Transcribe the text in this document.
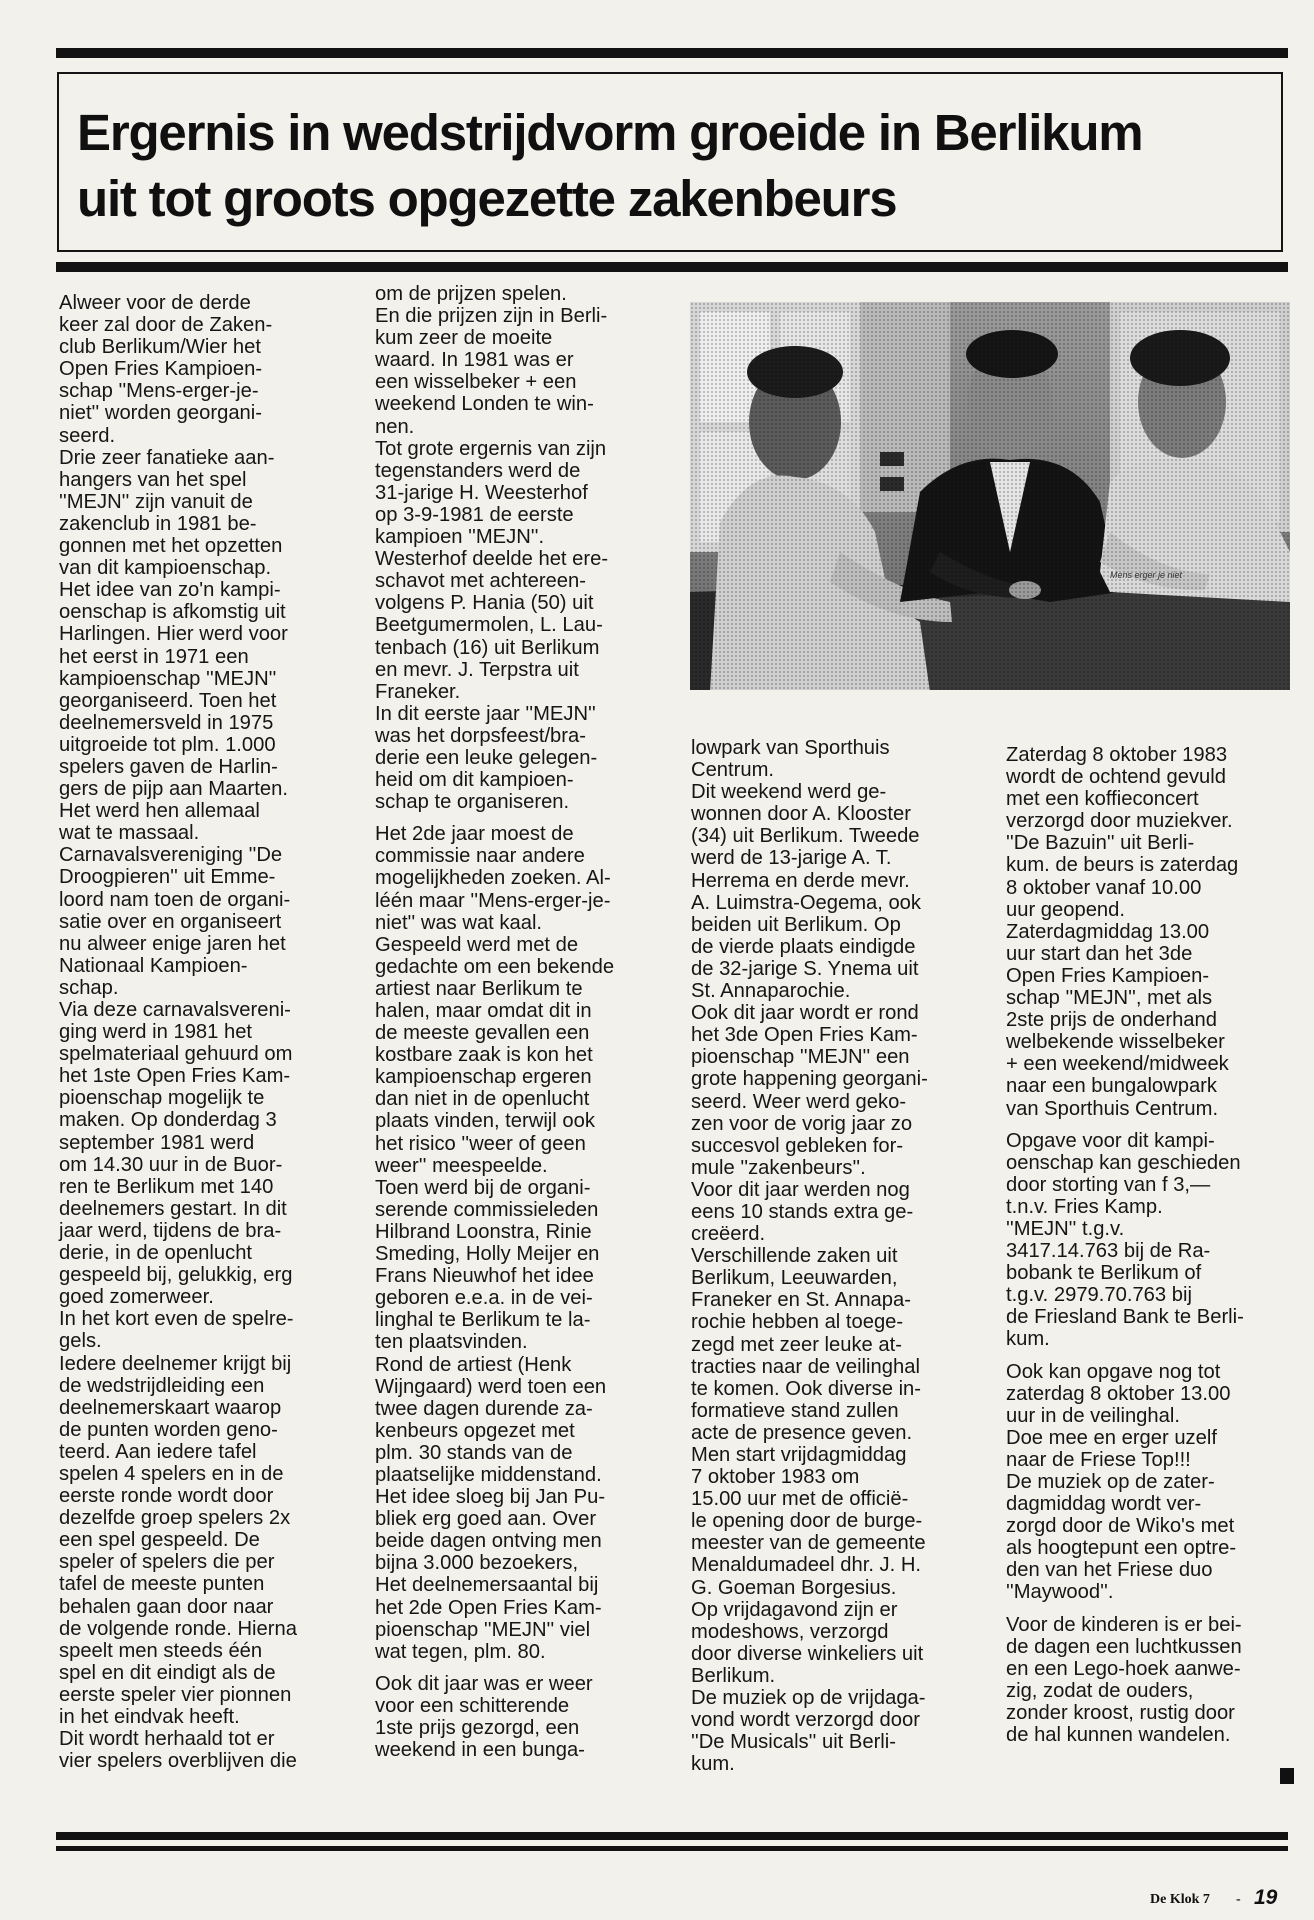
Ergernis in wedstrijdvorm groeide in Berlikum
uit tot groots opgezette zakenbeurs

Alweer voor de derde

keer zal door de Zaken-

club Berlikum/Wier het

Open Fries Kampioen-

schap ''Mens-erger-je-

niet'' worden georgani-

seerd.

Drie zeer fanatieke aan-

hangers van het spel

''MEJN'' zijn vanuit de

zakenclub in 1981 be-

gonnen met het opzetten

van dit kampioenschap.

Het idee van zo'n kampi-

oenschap is afkomstig uit

Harlingen. Hier werd voor

het eerst in 1971 een

kampioenschap ''MEJN''

georganiseerd. Toen het

deelnemersveld in 1975

uitgroeide tot plm. 1.000

spelers gaven de Harlin-

gers de pijp aan Maarten.

Het werd hen allemaal

wat te massaal.

Carnavalsvereniging ''De

Droogpieren'' uit Emme-

loord nam toen de organi-

satie over en organiseert

nu alweer enige jaren het

Nationaal Kampioen-

schap.

Via deze carnavalsvereni-

ging werd in 1981 het

spelmateriaal gehuurd om

het 1ste Open Fries Kam-

pioenschap mogelijk te

maken. Op donderdag 3

september 1981 werd

om 14.30 uur in de Buor-

ren te Berlikum met 140

deelnemers gestart. In dit

jaar werd, tijdens de bra-

derie, in de openlucht

gespeeld bij, gelukkig, erg

goed zomerweer.

In het kort even de spelre-

gels.

Iedere deelnemer krijgt bij

de wedstrijdleiding een

deelnemerskaart waarop

de punten worden geno-

teerd. Aan iedere tafel

spelen 4 spelers en in de

eerste ronde wordt door

dezelfde groep spelers 2x

een spel gespeeld. De

speler of spelers die per

tafel de meeste punten

behalen gaan door naar

de volgende ronde. Hierna

speelt men steeds één

spel en dit eindigt als de

eerste speler vier pionnen

in het eindvak heeft.

Dit wordt herhaald tot er

vier spelers overblijven die

om de prijzen spelen.

En die prijzen zijn in Berli-

kum zeer de moeite

waard. In 1981 was er

een wisselbeker + een

weekend Londen te win-

nen.

Tot grote ergernis van zijn

tegenstanders werd de

31-jarige H. Weesterhof

op 3-9-1981 de eerste

kampioen ''MEJN''.

Westerhof deelde het ere-

schavot met achtereen-

volgens P. Hania (50) uit

Beetgumermolen, L. Lau-

tenbach (16) uit Berlikum

en mevr. J. Terpstra uit

Franeker.

In dit eerste jaar ''MEJN''

was het dorpsfeest/bra-

derie een leuke gelegen-

heid om dit kampioen-

schap te organiseren.

Het 2de jaar moest de

commissie naar andere

mogelijkheden zoeken. Al-

léén maar ''Mens-erger-je-

niet'' was wat kaal.

Gespeeld werd met de

gedachte om een bekende

artiest naar Berlikum te

halen, maar omdat dit in

de meeste gevallen een

kostbare zaak is kon het

kampioenschap ergeren

dan niet in de openlucht

plaats vinden, terwijl ook

het risico ''weer of geen

weer'' meespeelde.

Toen werd bij de organi-

serende commissieleden

Hilbrand Loonstra, Rinie

Smeding, Holly Meijer en

Frans Nieuwhof het idee

geboren e.e.a. in de vei-

linghal te Berlikum te la-

ten plaatsvinden.

Rond de artiest (Henk

Wijngaard) werd toen een

twee dagen durende za-

kenbeurs opgezet met

plm. 30 stands van de

plaatselijke middenstand.

Het idee sloeg bij Jan Pu-

bliek erg goed aan. Over

beide dagen ontving men

bijna 3.000 bezoekers,

Het deelnemersaantal bij

het 2de Open Fries Kam-

pioenschap ''MEJN'' viel

wat tegen, plm. 80.

Ook dit jaar was er weer

voor een schitterende

1ste prijs gezorgd, een

weekend in een bunga-

lowpark van Sporthuis

Centrum.

Dit weekend werd ge-

wonnen door A. Klooster

(34) uit Berlikum. Tweede

werd de 13-jarige A. T.

Herrema en derde mevr.

A. Luimstra-Oegema, ook

beiden uit Berlikum. Op

de vierde plaats eindigde

de 32-jarige S. Ynema uit

St. Annaparochie.

Ook dit jaar wordt er rond

het 3de Open Fries Kam-

pioenschap ''MEJN'' een

grote happening georgani-

seerd. Weer werd geko-

zen voor de vorig jaar zo

succesvol gebleken for-

mule ''zakenbeurs''.

Voor dit jaar werden nog

eens 10 stands extra ge-

creëerd.

Verschillende zaken uit

Berlikum, Leeuwarden,

Franeker en St. Annapa-

rochie hebben al toege-

zegd met zeer leuke at-

tracties naar de veilinghal

te komen. Ook diverse in-

formatieve stand zullen

acte de presence geven.

Men start vrijdagmiddag

7 oktober 1983 om

15.00 uur met de officië-

le opening door de burge-

meester van de gemeente

Menaldumadeel dhr. J. H.

G. Goeman Borgesius.

Op vrijdagavond zijn er

modeshows, verzorgd

door diverse winkeliers uit

Berlikum.

De muziek op de vrijdaga-

vond wordt verzorgd door

''De Musicals'' uit Berli-

kum.

Zaterdag 8 oktober 1983

wordt de ochtend gevuld

met een koffieconcert

verzorgd door muziekver.

''De Bazuin'' uit Berli-

kum. de beurs is zaterdag

8 oktober vanaf 10.00

uur geopend.

Zaterdagmiddag 13.00

uur start dan het 3de

Open Fries Kampioen-

schap ''MEJN'', met als

2ste prijs de onderhand

welbekende wisselbeker

+ een weekend/midweek

naar een bungalowpark

van Sporthuis Centrum.

Opgave voor dit kampi-

oenschap kan geschieden

door storting van f 3,—

t.n.v. Fries Kamp.

''MEJN'' t.g.v.

3417.14.763 bij de Ra-

bobank te Berlikum of

t.g.v. 2979.70.763 bij

de Friesland Bank te Berli-

kum.

Ook kan opgave nog tot

zaterdag 8 oktober 13.00

uur in de veilinghal.

Doe mee en erger uzelf

naar de Friese Top!!!

De muziek op de zater-

dagmiddag wordt ver-

zorgd door de Wiko's met

als hoogtepunt een optre-

den van het Friese duo

''Maywood''.

Voor de kinderen is er bei-

de dagen een luchtkussen

en een Lego-hoek aanwe-

zig, zodat de ouders,

zonder kroost, rustig door

de hal kunnen wandelen.

Mens erger je niet
De Klok 7 - 19
